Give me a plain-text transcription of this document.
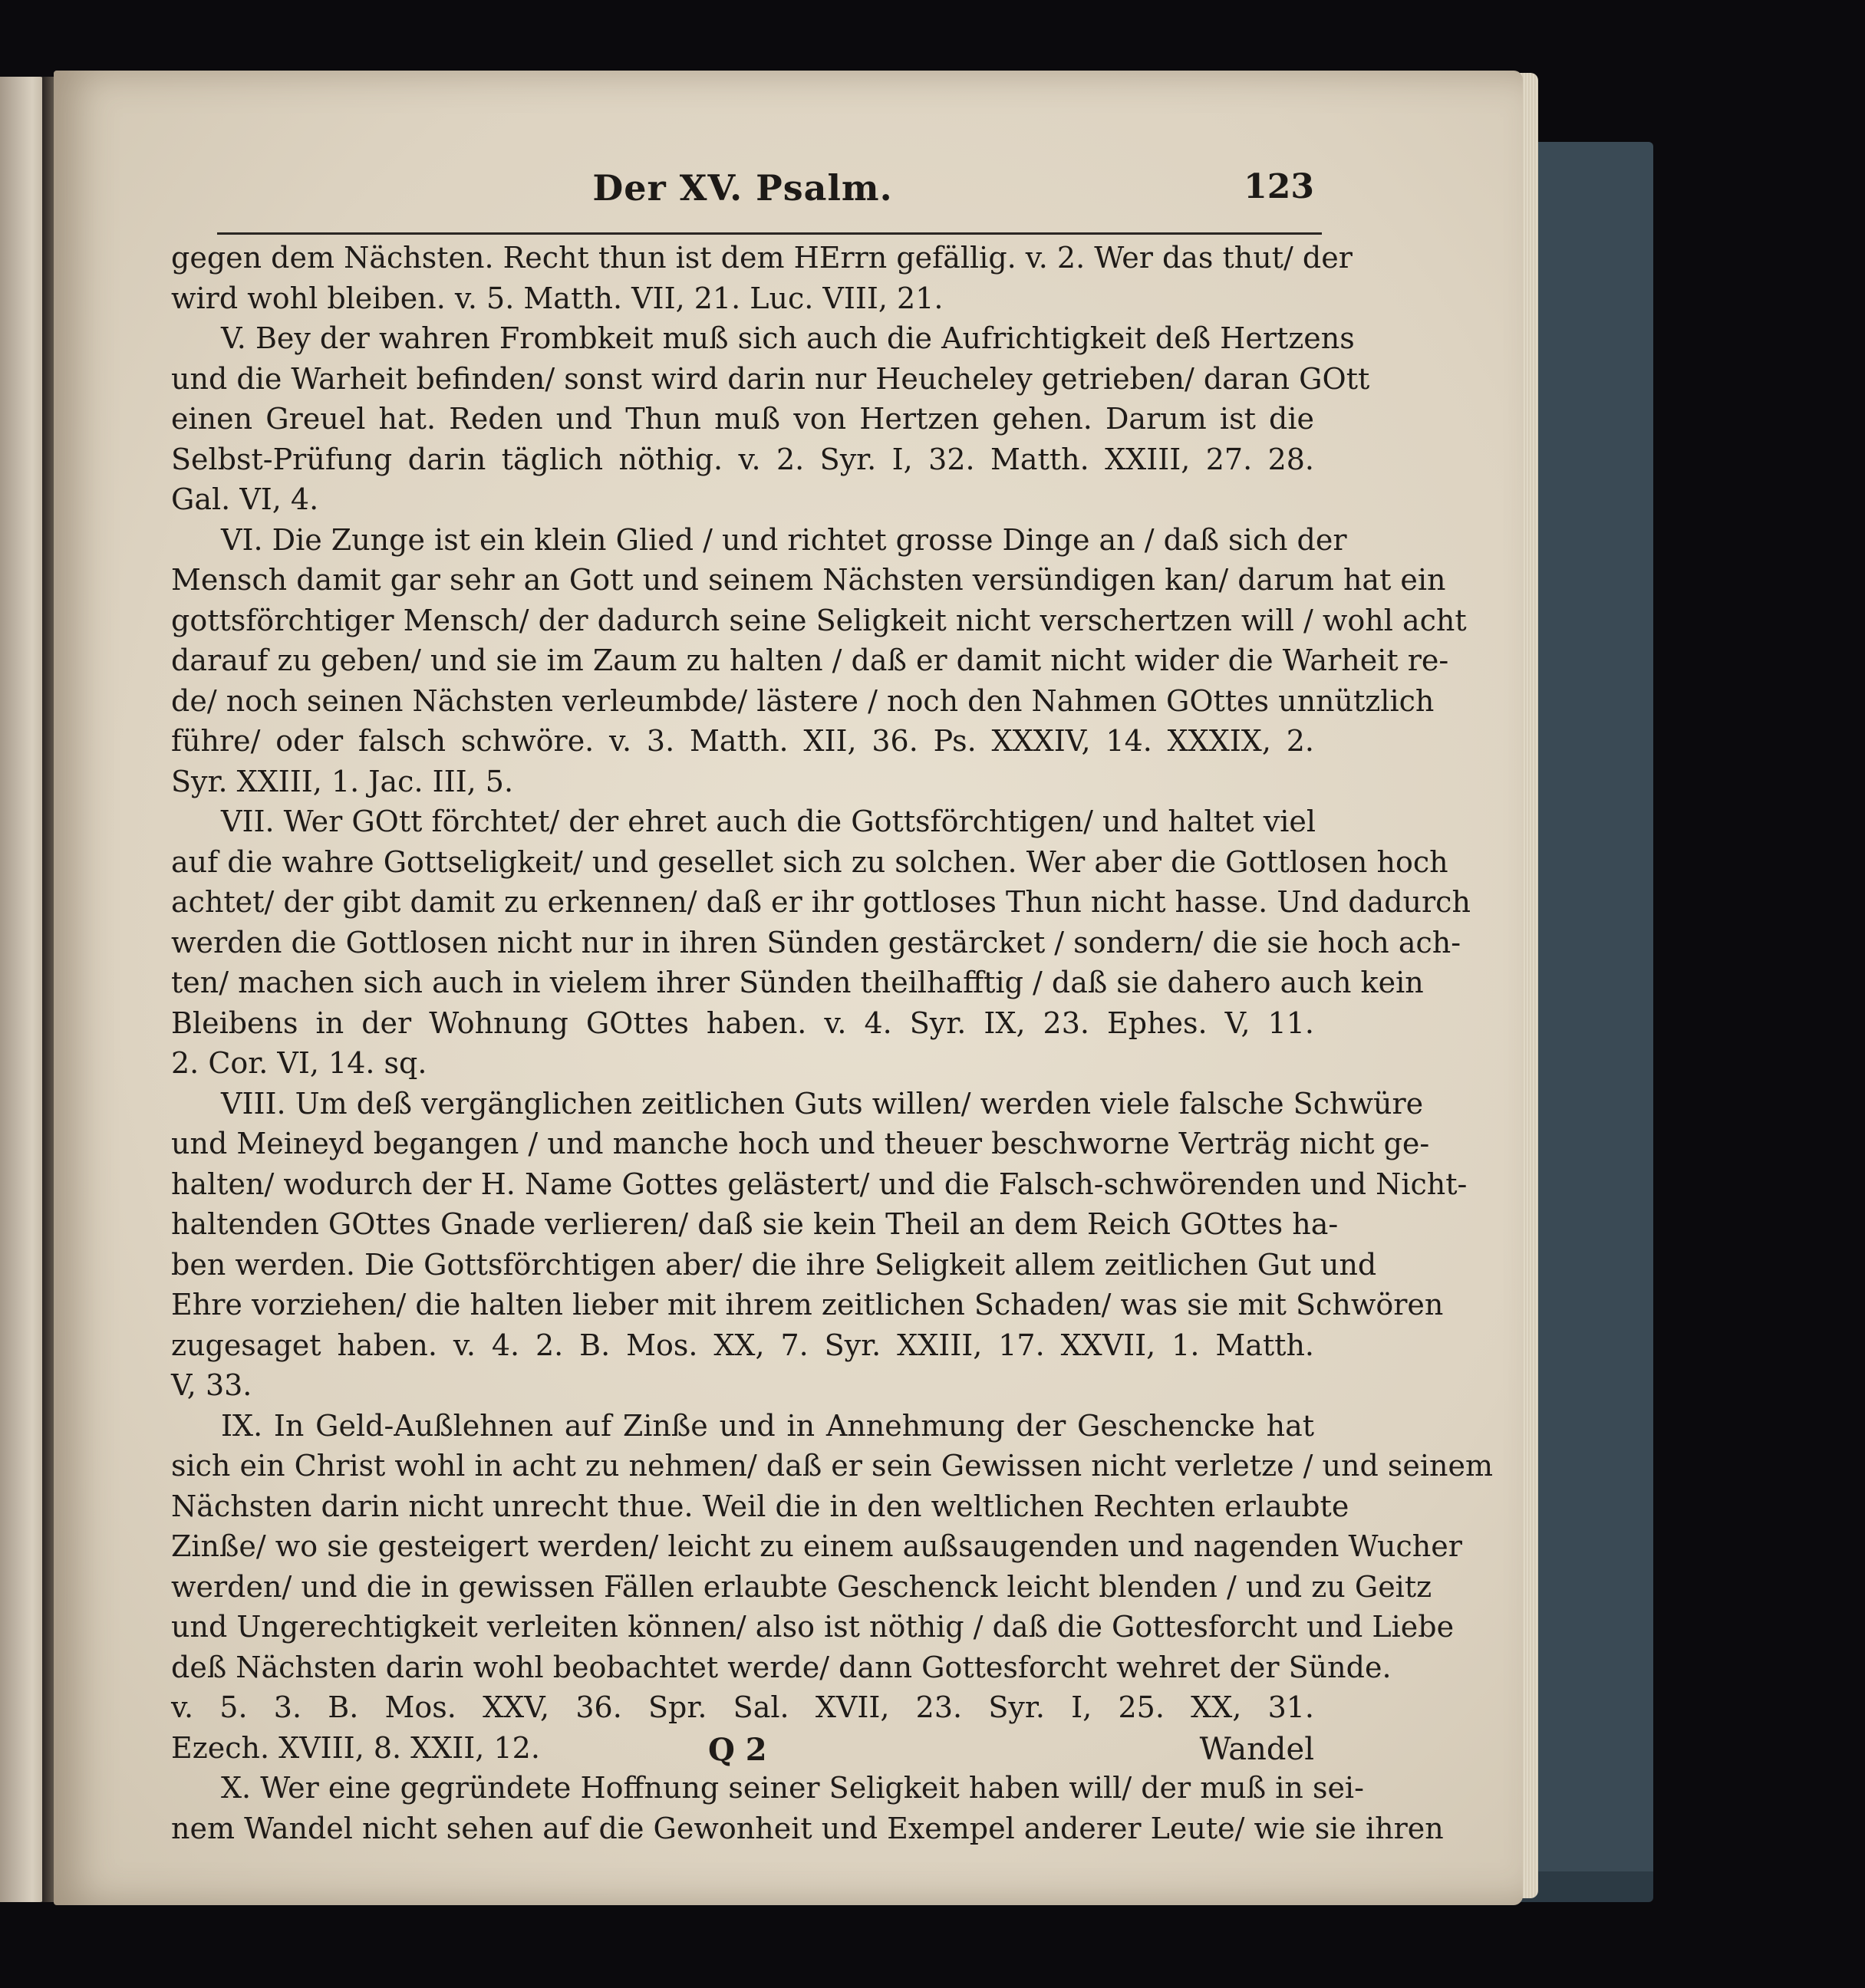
Der XV. Psalm.	123
gegen dem Nächsten. Recht thun ist dem HErrn gefällig. v. 2. Wer das thut/ der
wird wohl bleiben. v. 5. Matth. VII, 21. Luc. VIII, 21.
V. Bey der wahren Frombkeit muß sich auch die Aufrichtigkeit deß Hertzens
und die Warheit befinden/ sonst wird darin nur Heucheley getrieben/ daran GOtt
einen Greuel hat. Reden und Thun muß von Hertzen gehen. Darum ist die
Selbst-Prüfung darin täglich nöthig. v. 2. Syr. I, 32. Matth. XXIII, 27. 28.
Gal. VI, 4.
VI. Die Zunge ist ein klein Glied / und richtet grosse Dinge an / daß sich der
Mensch damit gar sehr an Gott und seinem Nächsten versündigen kan/ darum hat ein
gottsförchtiger Mensch/ der dadurch seine Seligkeit nicht verschertzen will / wohl acht
darauf zu geben/ und sie im Zaum zu halten / daß er damit nicht wider die Warheit re-
de/ noch seinen Nächsten verleumbde/ lästere / noch den Nahmen GOttes unnützlich
führe/ oder falsch schwöre. v. 3. Matth. XII, 36. Ps. XXXIV, 14. XXXIX, 2.
Syr. XXIII, 1. Jac. III, 5.
VII. Wer GOtt förchtet/ der ehret auch die Gottsförchtigen/ und haltet viel
auf die wahre Gottseligkeit/ und gesellet sich zu solchen. Wer aber die Gottlosen hoch
achtet/ der gibt damit zu erkennen/ daß er ihr gottloses Thun nicht hasse. Und dadurch
werden die Gottlosen nicht nur in ihren Sünden gestärcket / sondern/ die sie hoch ach-
ten/ machen sich auch in vielem ihrer Sünden theilhafftig / daß sie dahero auch kein
Bleibens in der Wohnung GOttes haben. v. 4. Syr. IX, 23. Ephes. V, 11.
2. Cor. VI, 14. sq.
VIII. Um deß vergänglichen zeitlichen Guts willen/ werden viele falsche Schwüre
und Meineyd begangen / und manche hoch und theuer beschworne Verträg nicht ge-
halten/ wodurch der H. Name Gottes gelästert/ und die Falsch-schwörenden und Nicht-
haltenden GOttes Gnade verlieren/ daß sie kein Theil an dem Reich GOttes ha-
ben werden. Die Gottsförchtigen aber/ die ihre Seligkeit allem zeitlichen Gut und
Ehre vorziehen/ die halten lieber mit ihrem zeitlichen Schaden/ was sie mit Schwören
zugesaget haben. v. 4. 2. B. Mos. XX, 7. Syr. XXIII, 17. XXVII, 1. Matth.
V, 33.
IX. In Geld-Außlehnen auf Zinße und in Annehmung der Geschencke hat
sich ein Christ wohl in acht zu nehmen/ daß er sein Gewissen nicht verletze / und seinem
Nächsten darin nicht unrecht thue. Weil die in den weltlichen Rechten erlaubte
Zinße/ wo sie gesteigert werden/ leicht zu einem außsaugenden und nagenden Wucher
werden/ und die in gewissen Fällen erlaubte Geschenck leicht blenden / und zu Geitz
und Ungerechtigkeit verleiten können/ also ist nöthig / daß die Gottesforcht und Liebe
deß Nächsten darin wohl beobachtet werde/ dann Gottesforcht wehret der Sünde.
v. 5. 3. B. Mos. XXV, 36. Spr. Sal. XVII, 23. Syr. I, 25. XX, 31.
Ezech. XVIII, 8. XXII, 12.
X. Wer eine gegründete Hoffnung seiner Seligkeit haben will/ der muß in sei-
nem Wandel nicht sehen auf die Gewonheit und Exempel anderer Leute/ wie sie ihren
Q 2	Wandel
